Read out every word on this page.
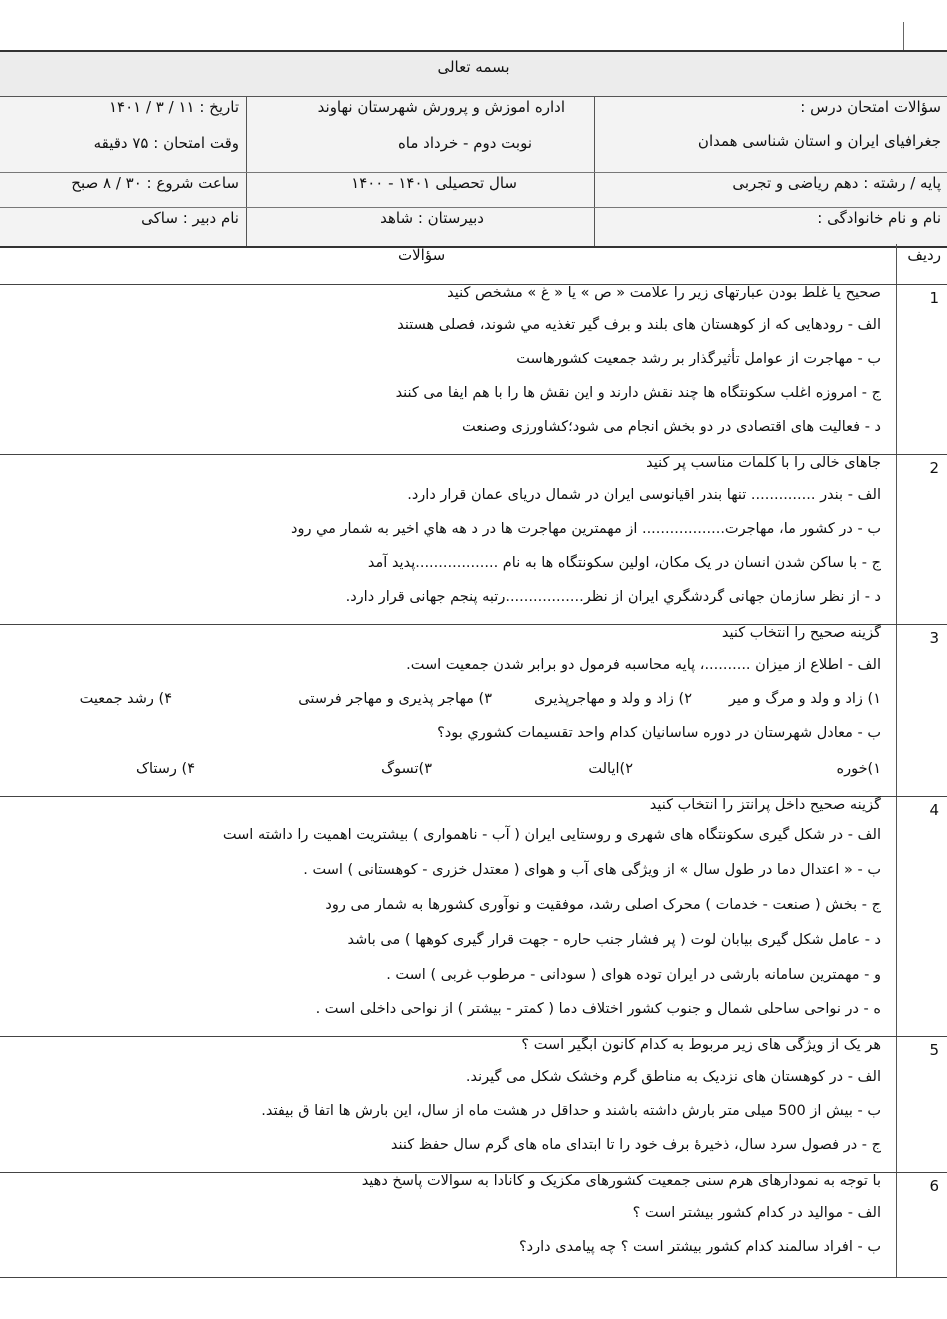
بسمه تعالی
سؤالات امتحان درس :
جغرافیای ایران و استان شناسی همدان
پایه / رشته : دهم ریاضی و تجربی
نام و نام خانوادگی :
اداره اموزش و پرورش شهرستان نهاوند
نوبت دوم - خرداد ماه
سال تحصیلی ۱۴۰۱ - ۱۴۰۰
دبیرستان : شاهد
تاریخ : ۱۱ / ۳ / ۱۴۰۱
وقت امتحان : ۷۵ دقیقه
ساعت شروع : ۳۰ / ۸ صبح
نام دبیر : ساکی
ردیف
سؤالات
1
صحیح یا غلط بودن عبارتهای زیر را علامت « ص » یا « غ » مشخص کنید
الف - رودهایی که از کوهستان های بلند و برف گیر تغذیه مي شوند، فصلی هستند
ب - مهاجرت از عوامل تأثیرگذار بر رشد جمعیت کشورهاست
ج - امروزه اغلب سکونتگاه ها چند نقش دارند و این نقش ها را با هم ایفا می کنند
د - فعالیت های اقتصادی در دو بخش انجام می شود؛کشاورزی وصنعت
2
جاهای خالی را با کلمات مناسب پر کنید
الف - بندر .............. تنها بندر اقیانوسی ایران در شمال دریای عمان قرار دارد.
ب - در کشور ما، مهاجرت.................. از مهمترین مهاجرت ها در د هه هاي اخیر به شمار مي رود
ج - با ساکن شدن انسان در یک مکان، اولین سکونتگاه ها به نام ..................پدید آمد
د - از نظر سازمان جهانی گردشگري ایران از نظر.................رتبه پنجم جهانی قرار دارد.
3
گزینه صحیح را انتخاب کنید
الف - اطلاع از میزان ..........، پایه محاسبه فرمول دو برابر شدن جمعیت است.
۱) زاد و ولد و مرگ و میر
۲) زاد و ولد و مهاجرپذیری
۳) مهاجر پذیری و مهاجر فرستی
۴) رشد جمعیت
ب - معادل شهرستان در دوره ساسانیان کدام واحد تقسیمات کشوري بود؟
۱)خوره
۲)ایالت
۳)تسوگ
۴) رستاک
4
گزینه صحیح داخل پرانتز را انتخاب کنید
الف - در شکل گیری سکونتگاه های شهری و روستایی ایران ( آب - ناهمواری ) بیشتریت اهمیت را داشته است
ب - « اعتدال دما در طول سال » از ویژگی های آب و هوای ( معتدل خزری - کوهستانی ) است .
ج - بخش ( صنعت - خدمات ) محرک اصلی رشد، موفقیت و نوآوری کشورها به شمار می رود
د - عامل شکل گیری بیابان لوت ( پر فشار جنب حاره - جهت قرار گیری کوهها ) می باشد
و - مهمترین سامانه بارشی در ایران توده هوای ( سودانی - مرطوب غربی ) است .
ه - در نواحی ساحلی شمال و جنوب کشور اختلاف دما ( کمتر - بیشتر ) از نواحی داخلی است .
5
هر یک از ویژگی های زیر مربوط به کدام کانون ابگیر است ؟
الف - در کوهستان های نزدیک به مناطق گرم وخشک شکل می گیرند.
ب - بیش از 500 میلی متر بارش داشته باشند و حداقل در هشت ماه از سال، این بارش ها اتفا ق بیفتد.
ج - در فصول سرد سال، ذخیرهٔ برف خود را تا ابتدای ماه های گرم سال حفظ کنند
6
با توجه به نمودارهای هرم سنی جمعیت کشورهای مکزیک و کانادا به سوالات پاسخ دهید
الف - موالید در کدام کشور بیشتر است ؟
ب - افراد سالمند کدام کشور بیشتر است ؟ چه پیامدی دارد؟
